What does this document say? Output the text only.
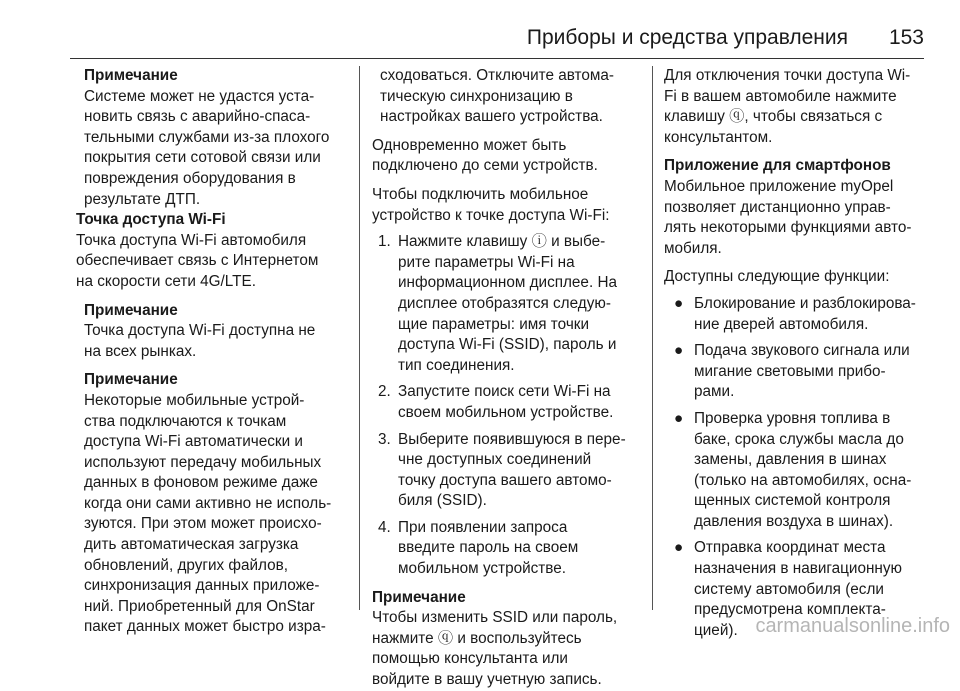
Приборы и средства управления 153
Примечание
Системе может не удастся уста-
новить связь с аварийно-спаса-
тельными службами из-за плохого
покрытия сети сотовой связи или
повреждения оборудования в
результате ДТП.
Точка доступа Wi-Fi
Точка доступа Wi-Fi автомобиля
обеспечивает связь с Интернетом
на скорости сети 4G/LTE.
Примечание
Точка доступа Wi-Fi доступна не
на всех рынках.
Примечание
Некоторые мобильные устрой-
ства подключаются к точкам
доступа Wi-Fi автоматически и
используют передачу мобильных
данных в фоновом режиме даже
когда они сами активно не исполь-
зуются. При этом может происхо-
дить автоматическая загрузка
обновлений, других файлов,
синхронизация данных приложе-
ний. Приобретенный для OnStar
пакет данных может быстро изра-
сходоваться. Отключите автома-
тическую синхронизацию в
настройках вашего устройства.
Одновременно может быть
подключено до семи устройств.
Чтобы подключить мобильное
устройство к точке доступа Wi-Fi:
1. Нажмите клавишу ⓘ и выбе-
рите параметры Wi-Fi на
информационном дисплее. На
дисплее отобразятся следую-
щие параметры: имя точки
доступа Wi-Fi (SSID), пароль и
тип соединения.
2. Запустите поиск сети Wi-Fi на
своем мобильном устройстве.
3. Выберите появившуюся в пере-
чне доступных соединений
точку доступа вашего автомо-
биля (SSID).
4. При появлении запроса
введите пароль на своем
мобильном устройстве.
Примечание
Чтобы изменить SSID или пароль,
нажмите ⓠ и воспользуйтесь
помощью консультанта или
войдите в вашу учетную запись.
Для отключения точки доступа Wi-
Fi в вашем автомобиле нажмите
клавишу ⓠ, чтобы связаться с
консультантом.
Приложение для смартфонов
Мобильное приложение myOpel
позволяет дистанционно управ-
лять некоторыми функциями авто-
мобиля.
Доступны следующие функции:
● Блокирование и разблокирова-
ние дверей автомобиля.
● Подача звукового сигнала или
мигание световыми прибо-
рами.
● Проверка уровня топлива в
баке, срока службы масла до
замены, давления в шинах
(только на автомобилях, осна-
щенных системой контроля
давления воздуха в шинах).
● Отправка координат места
назначения в навигационную
систему автомобиля (если
предусмотрена комплекта-
цией). carmanualsonline.info
